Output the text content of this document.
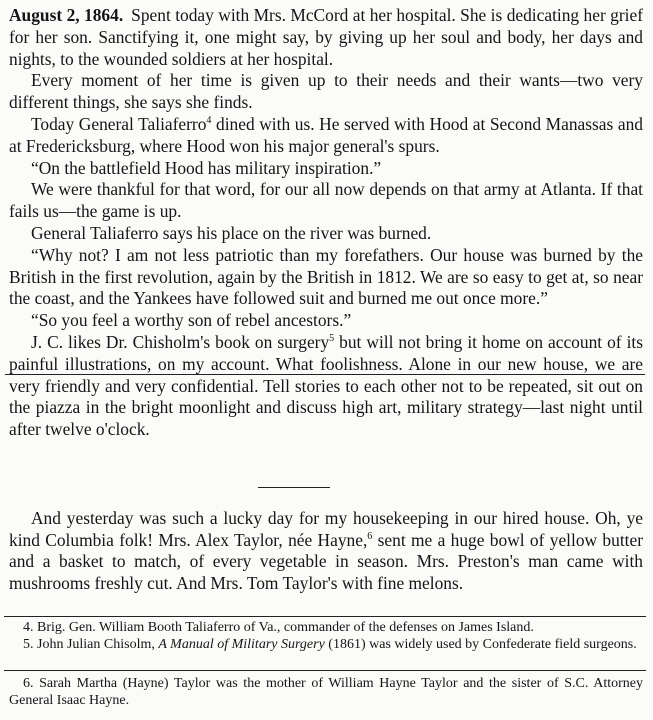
August 2, 1864. Spent today with Mrs. McCord at her hospital. She is dedicating her grief for her son. Sanctifying it, one might say, by giving up her soul and body, her days and nights, to the wounded soldiers at her hospital.

Every moment of her time is given up to their needs and their wants—two very different things, she says she finds.

Today General Taliaferro$^4$ dined with us. He served with Hood at Second Manassas and at Fredericksburg, where Hood won his major general's spurs.

“On the battlefield Hood has military inspiration.”

We were thankful for that word, for our all now depends on that army at Atlanta. If that fails us—the game is up.

General Taliaferro says his place on the river was burned.

“Why not? I am not less patriotic than my forefathers. Our house was burned by the British in the first revolution, again by the British in 1812. We are so easy to get at, so near the coast, and the Yankees have followed suit and burned me out once more.”

“So you feel a worthy son of rebel ancestors.”

J. C. likes Dr. Chisholm's book on surgery$^5$ but will not bring it home on account of its painful illustrations, on my account. What foolishness. Alone in our new house, we are very friendly and very confidential. Tell stories to each other not to be repeated, sit out on the piazza in the bright moonlight and discuss high art, military strategy—last night until after twelve o'clock.

And yesterday was such a lucky day for my housekeeping in our hired house. Oh, ye kind Columbia folk! Mrs. Alex Taylor, née Hayne,$^6$ sent me a huge bowl of yellow butter and a basket to match, of every vegetable in season. Mrs. Preston's man came with mushrooms freshly cut. And Mrs. Tom Taylor's with fine melons.

4. Brig. Gen. William Booth Taliaferro of Va., commander of the defenses on James Island.

5. John Julian Chisolm, A Manual of Military Surgery (1861) was widely used by Confederate field surgeons.

6. Sarah Martha (Hayne) Taylor was the mother of William Hayne Taylor and the sister of S.C. Attorney General Isaac Hayne.
